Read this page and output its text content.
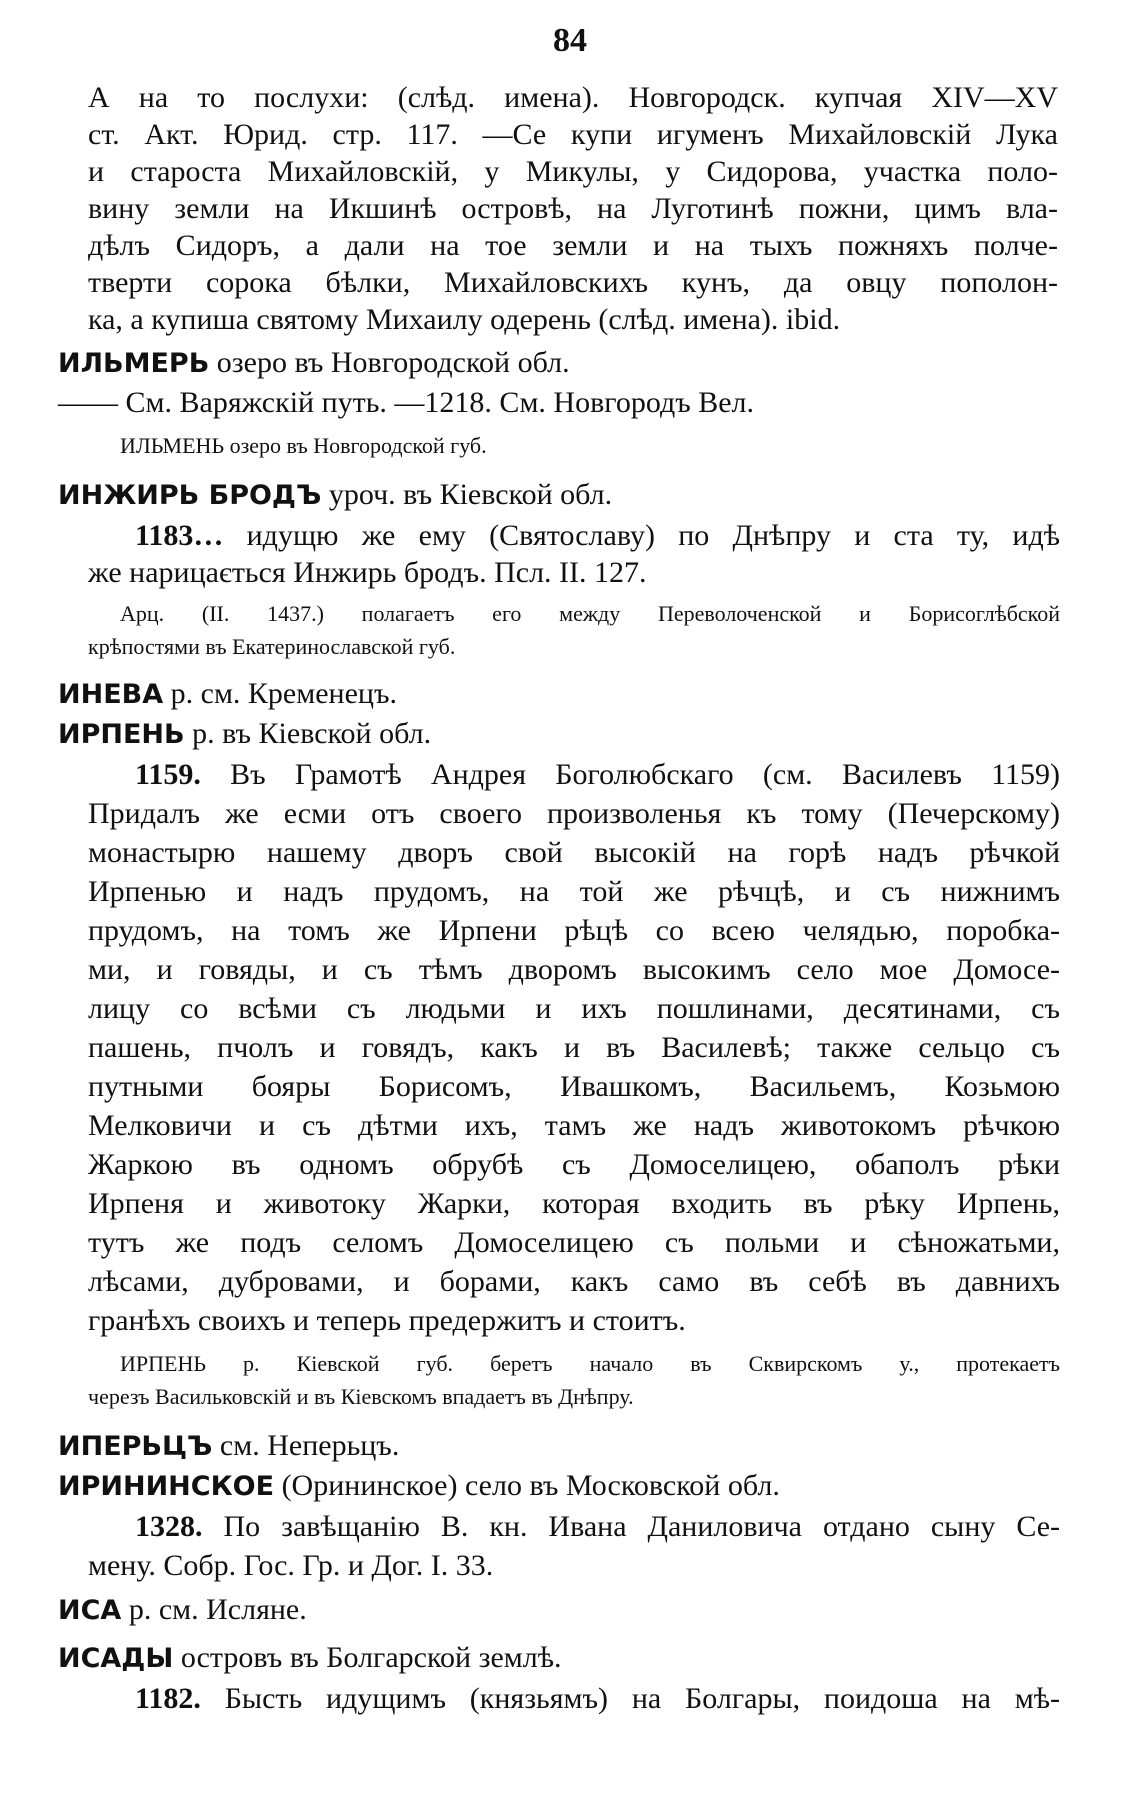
84
А на то послухи: (слѣд. имена). Новгородск. купчая XIV—XV
ст. Акт. Юрид. стр. 117. —Се купи игуменъ Михайловскій Лука
и староста Михайловскій, у Микулы, у Сидорова, участка поло-
вину земли на Икшинѣ островѣ, на Луготинѣ пожни, цимъ вла-
дѣлъ Сидоръ, а дали на тое земли и на тыхъ пожняхъ полче-
тверти сорока бѣлки, Михайловскихъ кунъ, да овцу пополон-
ка, а купиша святому Михаилу одерень (слѣд. имена). ibid.
ИЛЬМЕРЬ озеро въ Новгородской обл.
—— См. Варяжскій путь. —1218. См. Новгородъ Вел.
ИЛЬМЕНЬ озеро въ Новгородской губ.
ИНЖИРЬ БРОДЪ уроч. въ Кіевской обл.
1183… идущю же ему (Святославу) по Днѣпру и ста ту, идѣ
же нарицається Инжирь бродъ. Псл. II. 127.
Арц. (II. 1437.) полагаетъ его между Переволоченской и Борисоглѣбской
крѣпостями въ Екатеринославской губ.
ИНЕВА р. см. Кременецъ.
ИРПЕНЬ р. въ Кіевской обл.
1159. Въ Грамотѣ Андрея Боголюбскаго (см. Василевъ 1159)
Придалъ же есми отъ своего произволенья къ тому (Печерскому)
монастырю нашему дворъ свой высокій на горѣ надъ рѣчкой
Ирпенью и надъ прудомъ, на той же рѣчцѣ, и съ нижнимъ
прудомъ, на томъ же Ирпени рѣцѣ со всею челядью, поробка-
ми, и говяды, и съ тѣмъ дворомъ высокимъ село мое Домосе-
лицу со всѣми съ людьми и ихъ пошлинами, десятинами, съ
пашень, пчолъ и говядъ, какъ и въ Василевѣ; также сельцо съ
путными бояры Борисомъ, Ивашкомъ, Васильемъ, Козьмою
Мелковичи и съ дѣтми ихъ, тамъ же надъ животокомъ рѣчкою
Жаркою въ одномъ обрубѣ съ Домоселицею, обаполъ рѣки
Ирпеня и животоку Жарки, которая входить въ рѣку Ирпень,
тутъ же подъ селомъ Домоселицею съ польми и сѣножатьми,
лѣсами, дубровами, и борами, какъ само въ себѣ въ давнихъ
гранѣхъ своихъ и теперь предержитъ и стоитъ.
ИРПЕНЬ р. Кіевской губ. беретъ начало въ Сквирскомъ у., протекаетъ
черезъ Васильковскій и въ Кіевскомъ впадаетъ въ Днѣпру.
ИПЕРЬЦЪ см. Неперьцъ.
ИРИНИНСКОЕ (Орининское) село въ Московской обл.
1328. По завѣщанію В. кн. Ивана Даниловича отдано сыну Се-
мену. Собр. Гос. Гр. и Дог. I. 33.
ИСА р. см. Исляне.
ИСАДЫ островъ въ Болгарской землѣ.
1182. Бысть идущимъ (князьямъ) на Болгары, поидоша на мѣ-
